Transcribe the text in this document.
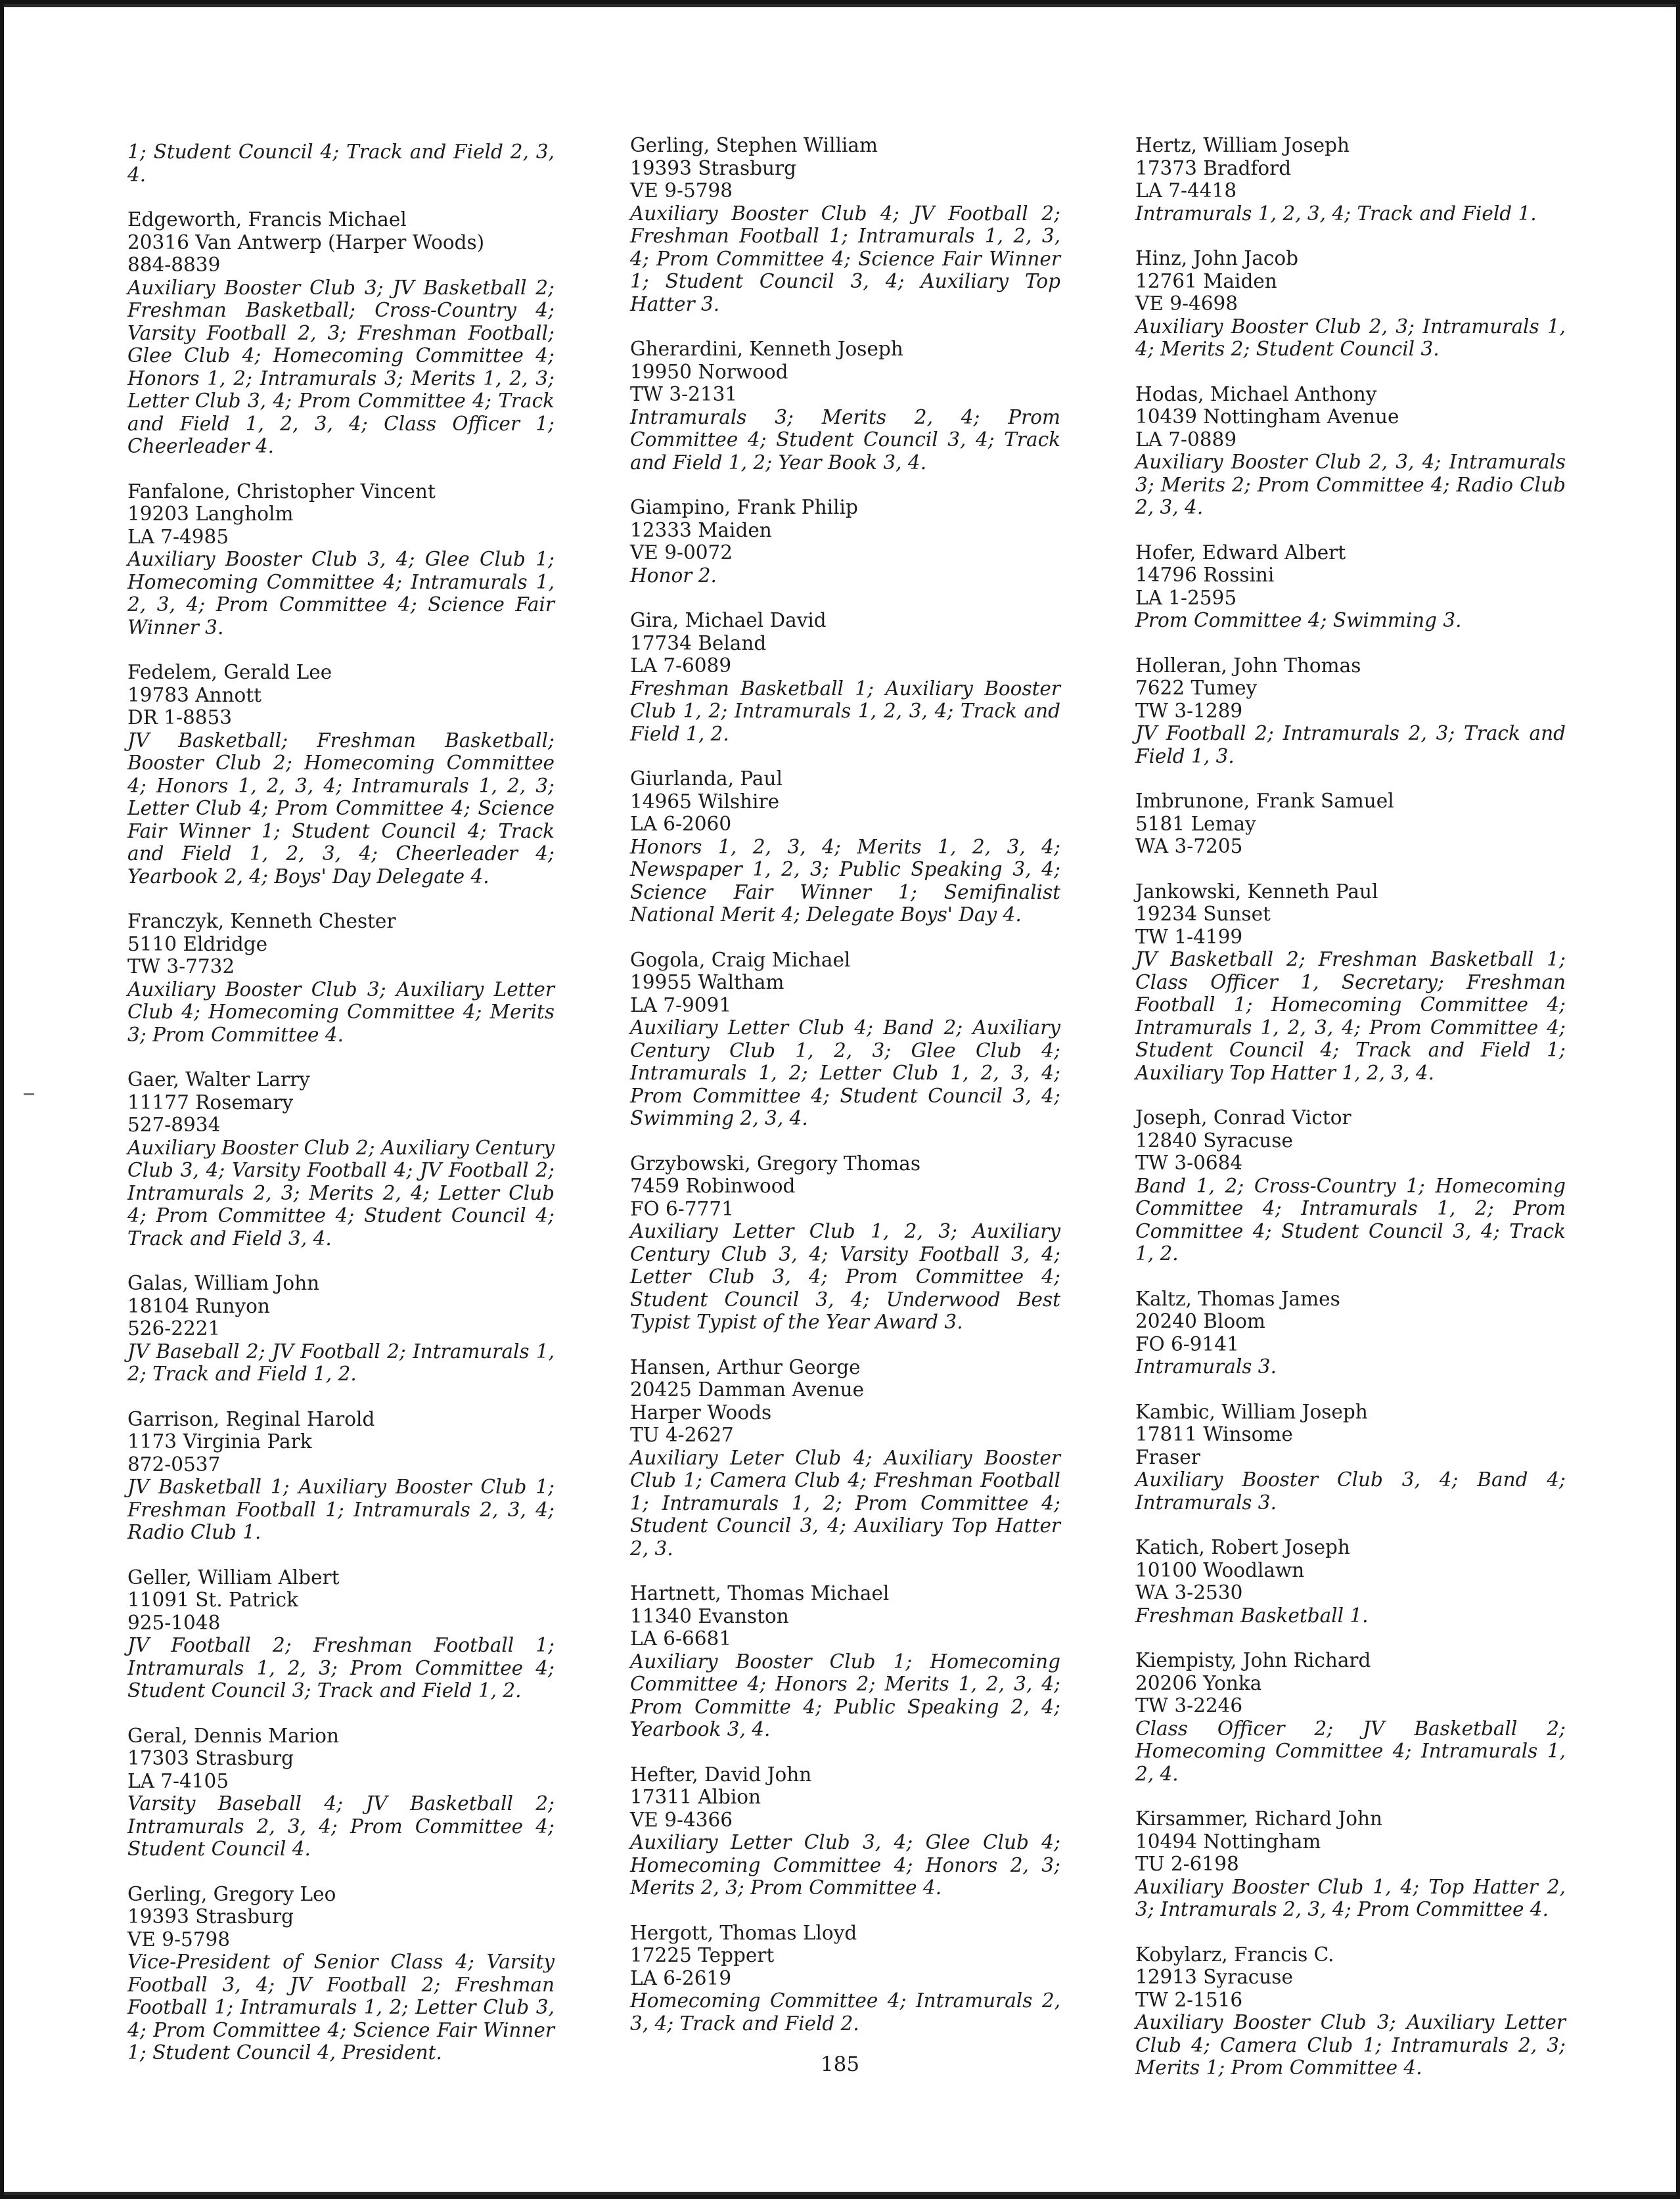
1; Student Council 4; Track and Field 2, 3, 4.
Edgeworth, Francis Michael
20316 Van Antwerp (Harper Woods)
884-8839
Auxiliary Booster Club 3; JV Basketball 2; Freshman Basketball; Cross-Country 4; Varsity Football 2, 3; Freshman Football; Glee Club 4; Homecoming Committee 4; Honors 1, 2; Intramurals 3; Merits 1, 2, 3; Letter Club 3, 4; Prom Committee 4; Track and Field 1, 2, 3, 4; Class Officer 1; Cheerleader 4.
Fanfalone, Christopher Vincent
19203 Langholm
LA 7-4985
Auxiliary Booster Club 3, 4; Glee Club 1; Homecoming Committee 4; Intramurals 1, 2, 3, 4; Prom Committee 4; Science Fair Winner 3.
Fedelem, Gerald Lee
19783 Annott
DR 1-8853
JV Basketball; Freshman Basketball; Booster Club 2; Homecoming Committee 4; Honors 1, 2, 3, 4; Intramurals 1, 2, 3; Letter Club 4; Prom Committee 4; Science Fair Winner 1; Student Council 4; Track and Field 1, 2, 3, 4; Cheerleader 4; Yearbook 2, 4; Boys' Day Delegate 4.
Franczyk, Kenneth Chester
5110 Eldridge
TW 3-7732
Auxiliary Booster Club 3; Auxiliary Letter Club 4; Homecoming Committee 4; Merits 3; Prom Committee 4.
Gaer, Walter Larry
11177 Rosemary
527-8934
Auxiliary Booster Club 2; Auxiliary Century Club 3, 4; Varsity Football 4; JV Football 2; Intramurals 2, 3; Merits 2, 4; Letter Club 4; Prom Committee 4; Student Council 4; Track and Field 3, 4.
Galas, William John
18104 Runyon
526-2221
JV Baseball 2; JV Football 2; Intramurals 1, 2; Track and Field 1, 2.
Garrison, Reginal Harold
1173 Virginia Park
872-0537
JV Basketball 1; Auxiliary Booster Club 1; Freshman Football 1; Intramurals 2, 3, 4; Radio Club 1.
Geller, William Albert
11091 St. Patrick
925-1048
JV Football 2; Freshman Football 1; Intramurals 1, 2, 3; Prom Committee 4; Student Council 3; Track and Field 1, 2.
Geral, Dennis Marion
17303 Strasburg
LA 7-4105
Varsity Baseball 4; JV Basketball 2; Intramurals 2, 3, 4; Prom Committee 4; Student Council 4.
Gerling, Gregory Leo
19393 Strasburg
VE 9-5798
Vice-President of Senior Class 4; Varsity Football 3, 4; JV Football 2; Freshman Football 1; Intramurals 1, 2; Letter Club 3, 4; Prom Committee 4; Science Fair Winner 1; Student Council 4, President.
Gerling, Stephen William
19393 Strasburg
VE 9-5798
Auxiliary Booster Club 4; JV Football 2; Freshman Football 1; Intramurals 1, 2, 3, 4; Prom Committee 4; Science Fair Winner 1; Student Council 3, 4; Auxiliary Top Hatter 3.
Gherardini, Kenneth Joseph
19950 Norwood
TW 3-2131
Intramurals 3; Merits 2, 4; Prom Committee 4; Student Council 3, 4; Track and Field 1, 2; Year Book 3, 4.
Giampino, Frank Philip
12333 Maiden
VE 9-0072
Honor 2.
Gira, Michael David
17734 Beland
LA 7-6089
Freshman Basketball 1; Auxiliary Booster Club 1, 2; Intramurals 1, 2, 3, 4; Track and Field 1, 2.
Giurlanda, Paul
14965 Wilshire
LA 6-2060
Honors 1, 2, 3, 4; Merits 1, 2, 3, 4; Newspaper 1, 2, 3; Public Speaking 3, 4; Science Fair Winner 1; Semifinalist National Merit 4; Delegate Boys' Day 4.
Gogola, Craig Michael
19955 Waltham
LA 7-9091
Auxiliary Letter Club 4; Band 2; Auxiliary Century Club 1, 2, 3; Glee Club 4; Intramurals 1, 2; Letter Club 1, 2, 3, 4; Prom Committee 4; Student Council 3, 4; Swimming 2, 3, 4.
Grzybowski, Gregory Thomas
7459 Robinwood
FO 6-7771
Auxiliary Letter Club 1, 2, 3; Auxiliary Century Club 3, 4; Varsity Football 3, 4; Letter Club 3, 4; Prom Committee 4; Student Council 3, 4; Underwood Best Typist Typist of the Year Award 3.
Hansen, Arthur George
20425 Damman Avenue
Harper Woods
TU 4-2627
Auxiliary Leter Club 4; Auxiliary Booster Club 1; Camera Club 4; Freshman Football 1; Intramurals 1, 2; Prom Committee 4; Student Council 3, 4; Auxiliary Top Hatter 2, 3.
Hartnett, Thomas Michael
11340 Evanston
LA 6-6681
Auxiliary Booster Club 1; Homecoming Committee 4; Honors 2; Merits 1, 2, 3, 4; Prom Committe 4; Public Speaking 2, 4; Yearbook 3, 4.
Hefter, David John
17311 Albion
VE 9-4366
Auxiliary Letter Club 3, 4; Glee Club 4; Homecoming Committee 4; Honors 2, 3; Merits 2, 3; Prom Committee 4.
Hergott, Thomas Lloyd
17225 Teppert
LA 6-2619
Homecoming Committee 4; Intramurals 2, 3, 4; Track and Field 2.
Hertz, William Joseph
17373 Bradford
LA 7-4418
Intramurals 1, 2, 3, 4; Track and Field 1.
Hinz, John Jacob
12761 Maiden
VE 9-4698
Auxiliary Booster Club 2, 3; Intramurals 1, 4; Merits 2; Student Council 3.
Hodas, Michael Anthony
10439 Nottingham Avenue
LA 7-0889
Auxiliary Booster Club 2, 3, 4; Intramurals 3; Merits 2; Prom Committee 4; Radio Club 2, 3, 4.
Hofer, Edward Albert
14796 Rossini
LA 1-2595
Prom Committee 4; Swimming 3.
Holleran, John Thomas
7622 Tumey
TW 3-1289
JV Football 2; Intramurals 2, 3; Track and Field 1, 3.
Imbrunone, Frank Samuel
5181 Lemay
WA 3-7205
Jankowski, Kenneth Paul
19234 Sunset
TW 1-4199
JV Basketball 2; Freshman Basketball 1; Class Officer 1, Secretary; Freshman Football 1; Homecoming Committee 4; Intramurals 1, 2, 3, 4; Prom Committee 4; Student Council 4; Track and Field 1; Auxiliary Top Hatter 1, 2, 3, 4.
Joseph, Conrad Victor
12840 Syracuse
TW 3-0684
Band 1, 2; Cross-Country 1; Homecoming Committee 4; Intramurals 1, 2; Prom Committee 4; Student Council 3, 4; Track 1, 2.
Kaltz, Thomas James
20240 Bloom
FO 6-9141
Intramurals 3.
Kambic, William Joseph
17811 Winsome
Fraser
Auxiliary Booster Club 3, 4; Band 4; Intramurals 3.
Katich, Robert Joseph
10100 Woodlawn
WA 3-2530
Freshman Basketball 1.
Kiempisty, John Richard
20206 Yonka
TW 3-2246
Class Officer 2; JV Basketball 2; Homecoming Committee 4; Intramurals 1, 2, 4.
Kirsammer, Richard John
10494 Nottingham
TU 2-6198
Auxiliary Booster Club 1, 4; Top Hatter 2, 3; Intramurals 2, 3, 4; Prom Committee 4.
Kobylarz, Francis C.
12913 Syracuse
TW 2-1516
Auxiliary Booster Club 3; Auxiliary Letter Club 4; Camera Club 1; Intramurals 2, 3; Merits 1; Prom Committee 4.
185
